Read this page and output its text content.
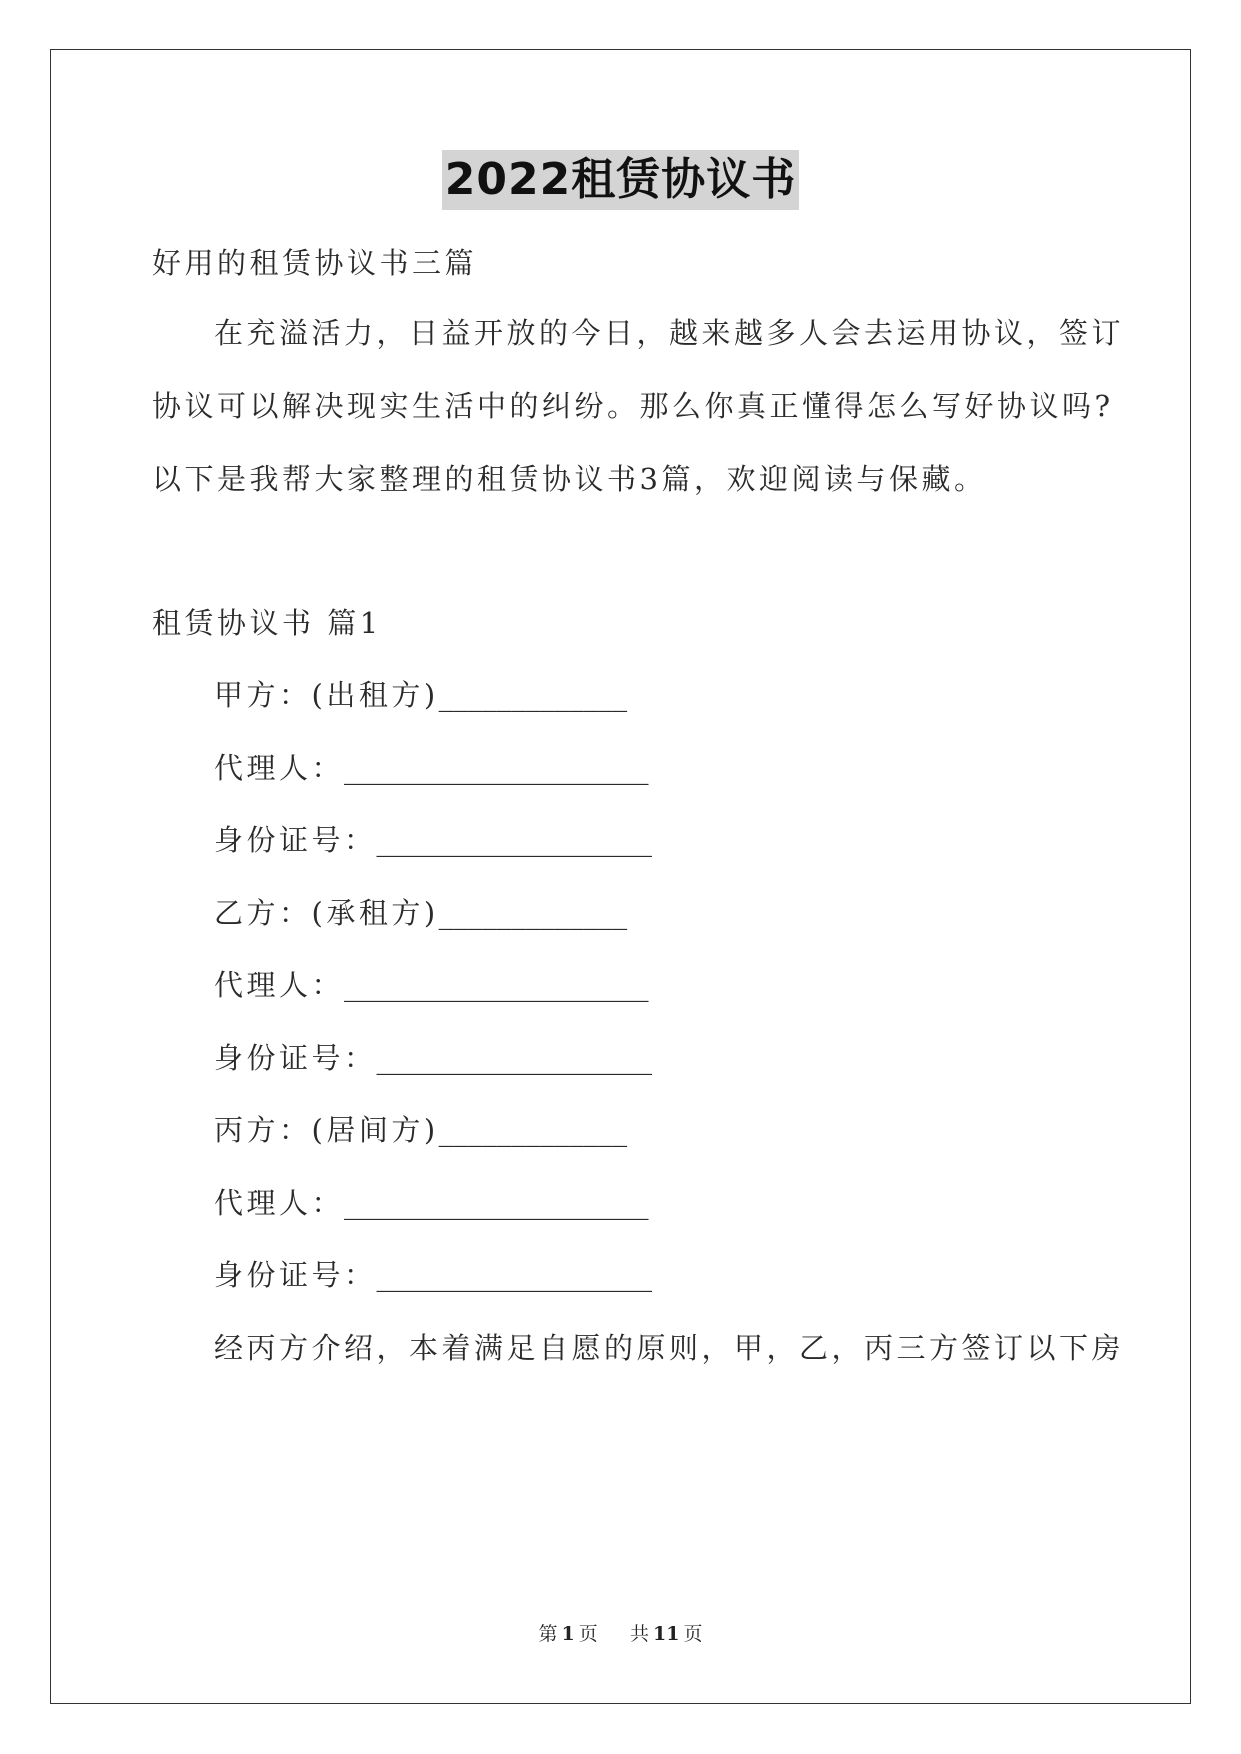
2022租赁协议书
好用的租赁协议书三篇
在充溢活力，日益开放的今日，越来越多人会去运用协议，签订
协议可以解决现实生活中的纠纷。那么你真正懂得怎么写好协议吗?
以下是我帮大家整理的租赁协议书3篇，欢迎阅读与保藏。
租赁协议书 篇1
甲方：(出租方)_____________
代理人：_____________________
身份证号：___________________
乙方：(承租方)_____________
代理人：_____________________
身份证号：___________________
丙方：(居间方)_____________
代理人：_____________________
身份证号：___________________
经丙方介绍，本着满足自愿的原则，甲，乙，丙三方签订以下房
第 1 页 共 11 页
